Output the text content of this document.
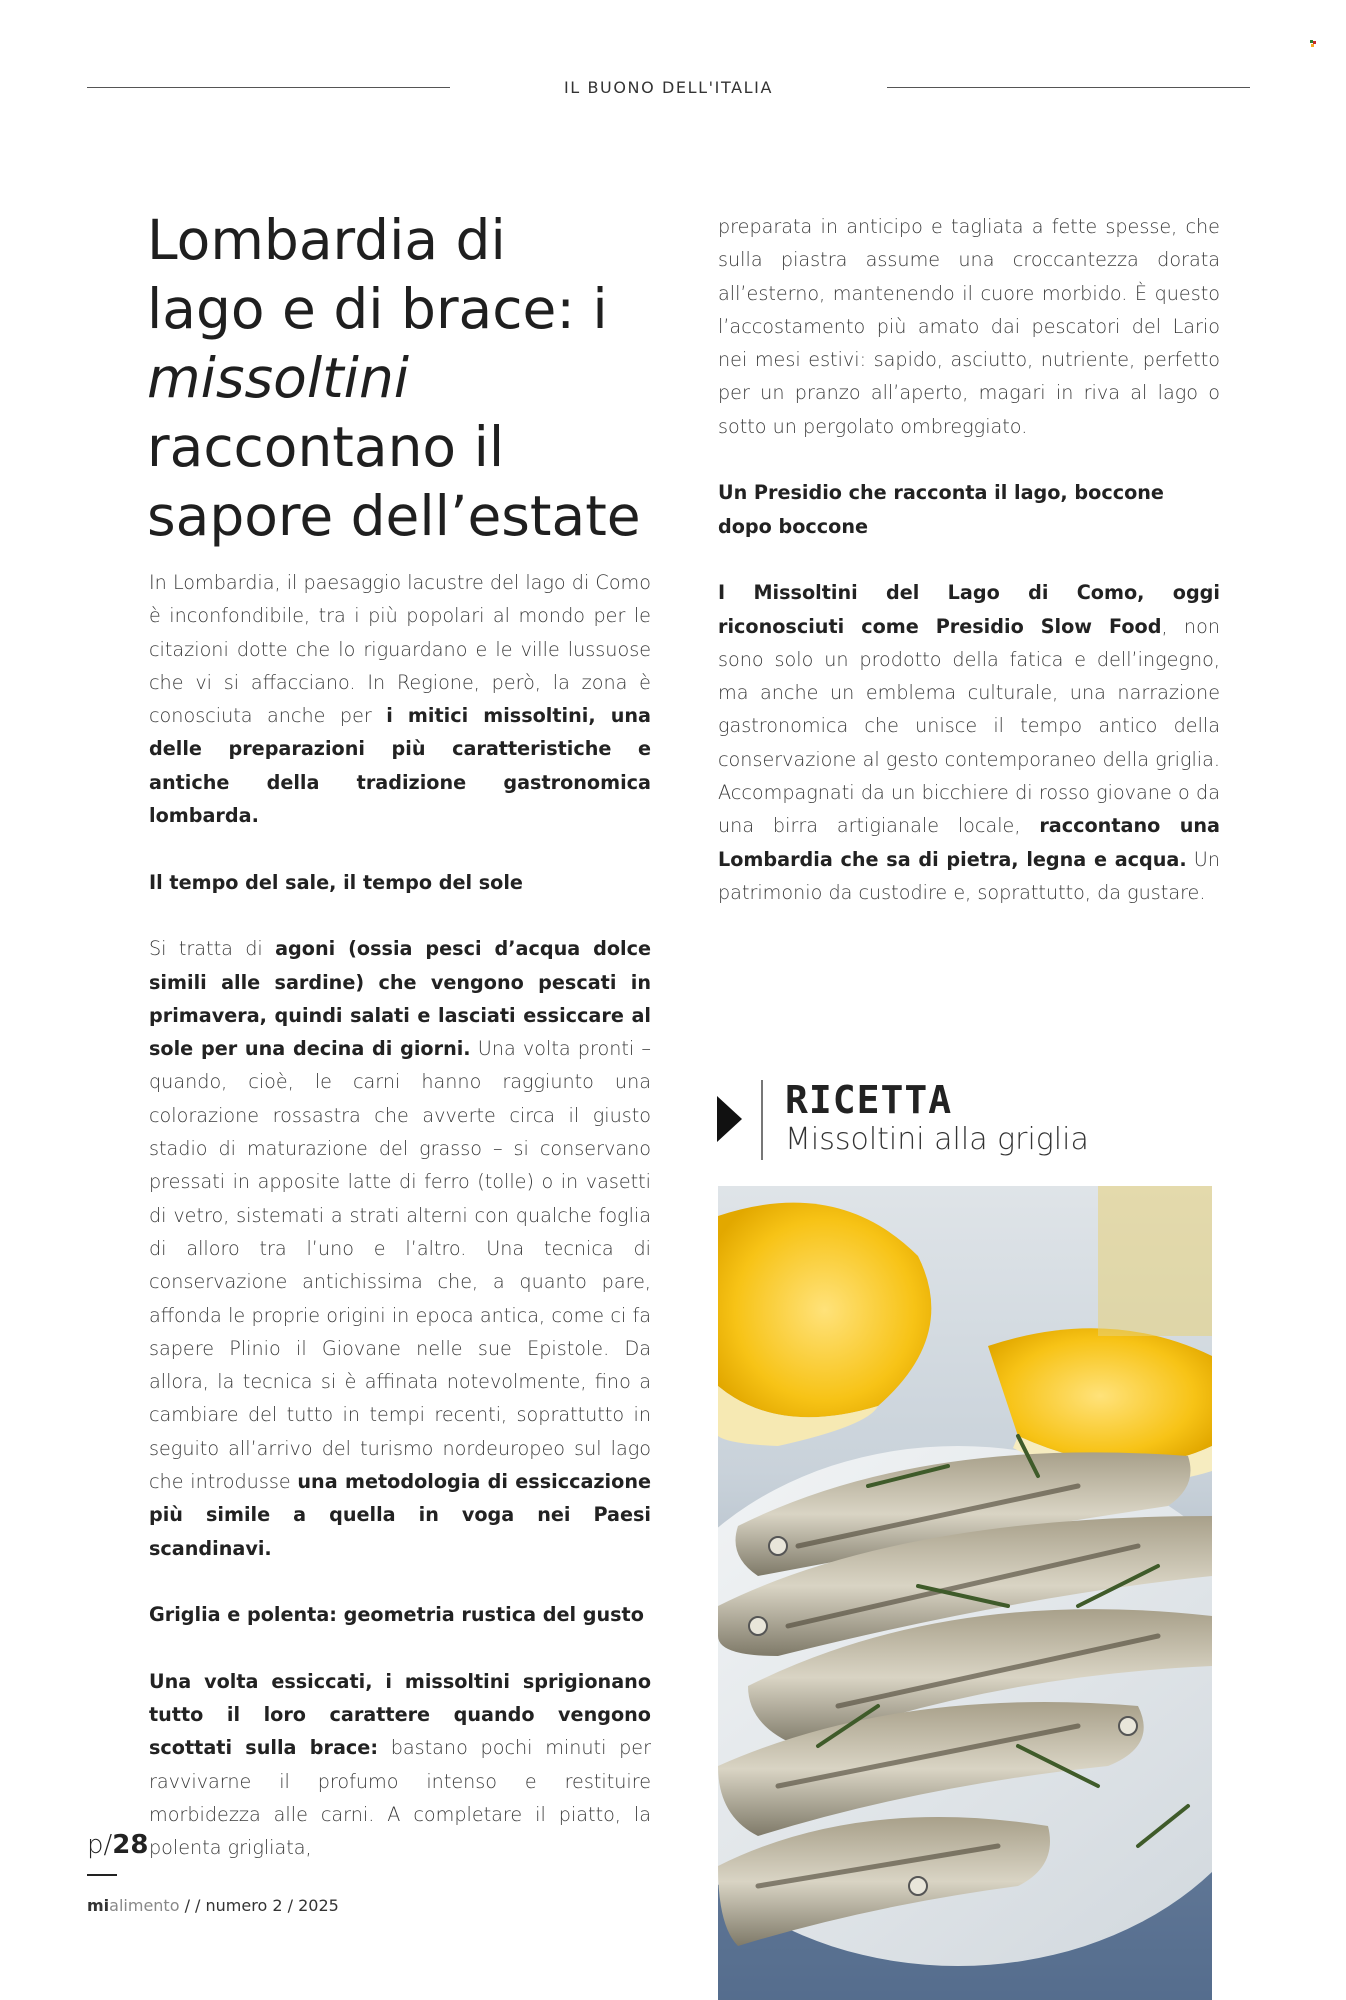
IL BUONO DELL'ITALIA
Lombardia di
lago e di brace: i
missoltini
raccontano il
sapore dell’estate

In Lombardia, il paesaggio lacustre del lago di Como è inconfondibile, tra i più popolari al mondo per le citazioni dotte che lo riguardano e le ville lussuose che vi si affacciano. In Regione, però, la zona è conosciuta anche per i mitici missoltini, una delle preparazioni più caratteristiche e antiche della tradizione gastronomica lombarda.

Il tempo del sale, il tempo del sole

Si tratta di agoni (ossia pesci d’acqua dolce simili alle sardine) che vengono pescati in primavera, quindi salati e lasciati essiccare al sole per una decina di giorni. Una volta pronti – quando, cioè, le carni hanno raggiunto una colorazione rossastra che avverte circa il giusto stadio di maturazione del grasso – si conservano pressati in apposite latte di ferro (tolle) o in vasetti di vetro, sistemati a strati alterni con qualche foglia di alloro tra l’uno e l’altro. Una tecnica di conservazione antichissima che, a quanto pare, affonda le proprie origini in epoca antica, come ci fa sapere Plinio il Giovane nelle sue Epistole. Da allora, la tecnica si è affinata notevolmente, fino a cambiare del tutto in tempi recenti, soprattutto in seguito all’arrivo del turismo nordeuropeo sul lago che introdusse una metodologia di essiccazione più simile a quella in voga nei Paesi scandinavi.

Griglia e polenta: geometria rustica del gusto

Una volta essiccati, i missoltini sprigionano tutto il loro carattere quando vengono scottati sulla brace: bastano pochi minuti per ravvivarne il profumo intenso e restituire morbidezza alle carni. A completare il piatto, la polenta grigliata,

preparata in anticipo e tagliata a fette spesse, che sulla piastra assume una croccantezza dorata all’esterno, mantenendo il cuore morbido. È questo l’accostamento più amato dai pescatori del Lario nei mesi estivi: sapido, asciutto, nutriente, perfetto per un pranzo all’aperto, magari in riva al lago o sotto un pergolato ombreggiato.

Un Presidio che racconta il lago, boccone dopo boccone

I Missoltini del Lago di Como, oggi riconosciuti come Presidio Slow Food, non sono solo un prodotto della fatica e dell’ingegno, ma anche un emblema culturale, una narrazione gastronomica che unisce il tempo antico della conservazione al gesto contemporaneo della griglia. Accompagnati da un bicchiere di rosso giovane o da una birra artigianale locale, raccontano una Lombardia che sa di pietra, legna e acqua. Un patrimonio da custodire e, soprattutto, da gustare.

RICETTA
Missoltini alla griglia
p/28
mialimento / / numero 2 / 2025
